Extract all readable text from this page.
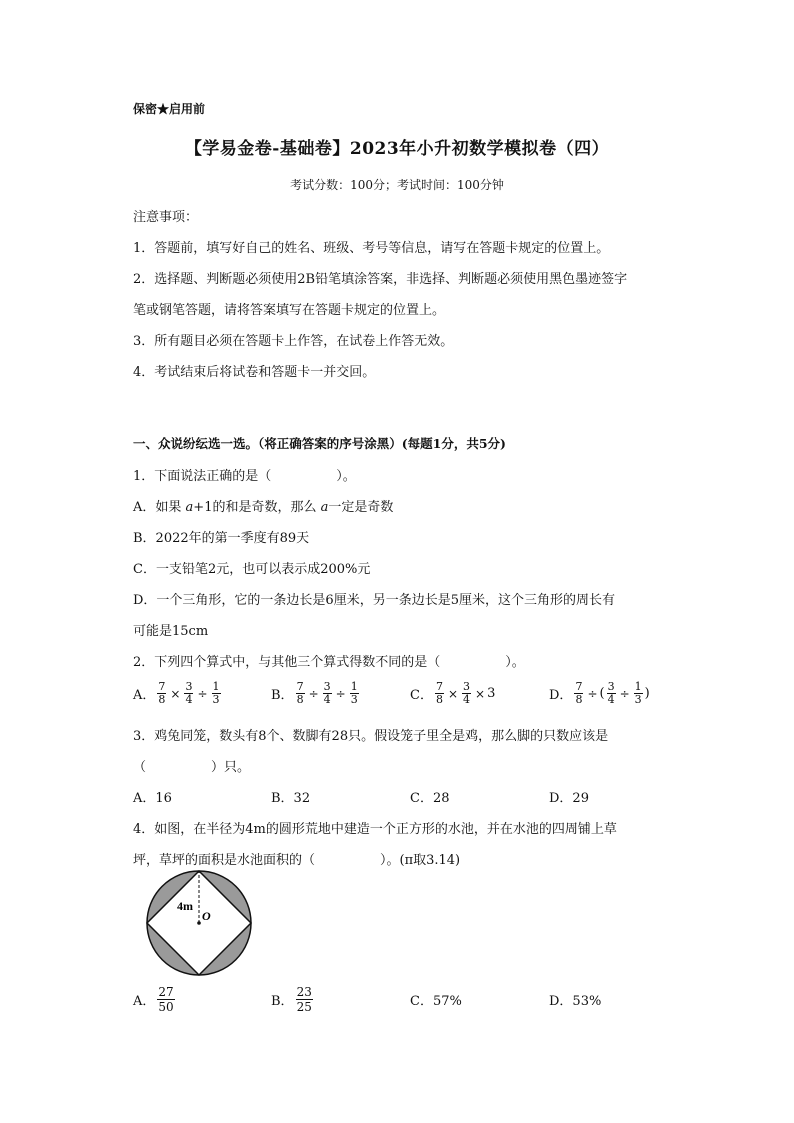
保密★启用前
【学易金卷-基础卷】2023年小升初数学模拟卷（四）
考试分数：100分；考试时间：100分钟
注意事项：
1．答题前，填写好自己的姓名、班级、考号等信息，请写在答题卡规定的位置上。
2．选择题、判断题必须使用2B铅笔填涂答案，非选择、判断题必须使用黑色墨迹签字
笔或钢笔答题，请将答案填写在答题卡规定的位置上。
3．所有题目必须在答题卡上作答，在试卷上作答无效。
4．考试结束后将试卷和答题卡一并交回。
一、众说纷纭选一选。（将正确答案的序号涂黑）(每题1分，共5分)
1．下面说法正确的是（　　　　　）。
A．如果 a+1的和是奇数，那么 a一定是奇数
B．2022年的第一季度有89天
C．一支铅笔2元，也可以表示成200%元
D．一个三角形，它的一条边长是6厘米，另一条边长是5厘米，这个三角形的周长有
可能是15cm
2．下列四个算式中，与其他三个算式得数不同的是（　　　　　）。
A． $\frac{7}{8} \times \frac{3}{4} \div \frac{1}{3}$	B． $\frac{7}{8} \div \frac{3}{4} \div \frac{1}{3}$	C． $\frac{7}{8} \times \frac{3}{4} \times 3$	D． $\frac{7}{8}$ ÷ ( $\frac{3}{4} \div \frac{1}{3}$ )
3．鸡兔同笼，数头有8个、数脚有28只。假设笼子里全是鸡，那么脚的只数应该是
（　　　　　）只。
A．16	B．32	C．28	D．29
4．如图，在半径为4m的圆形荒地中建造一个正方形的水池，并在水池的四周铺上草
坪，草坪的面积是水池面积的（　　　　　）。(π取3.14)
4m
O
A． $\frac{27}{50}$	B． $\frac{23}{25}$	C．57%	D．53%
